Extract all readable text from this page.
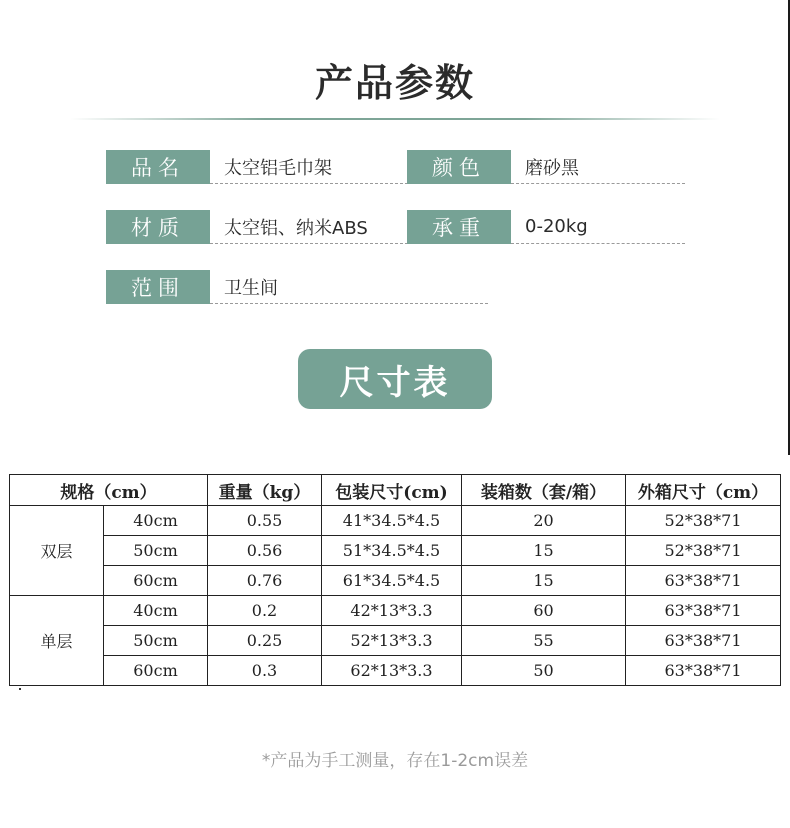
产品参数
品名	太空铝毛巾架	颜色	磨砂黑
材质	太空铝、纳米ABS	承重	0-20kg
范围	卫生间
尺寸表
规格（cm）		重量（kg）	包装尺寸(cm)	装箱数（套/箱）	外箱尺寸（cm）
双层	40cm	0.55	41*34.5*4.5	20	52*38*71
	50cm	0.56	51*34.5*4.5	15	52*38*71
	60cm	0.76	61*34.5*4.5	15	63*38*71
单层	40cm	0.2	42*13*3.3	60	63*38*71
	50cm	0.25	52*13*3.3	55	63*38*71
	60cm	0.3	62*13*3.3	50	63*38*71
*产品为手工测量，存在1-2cm误差
